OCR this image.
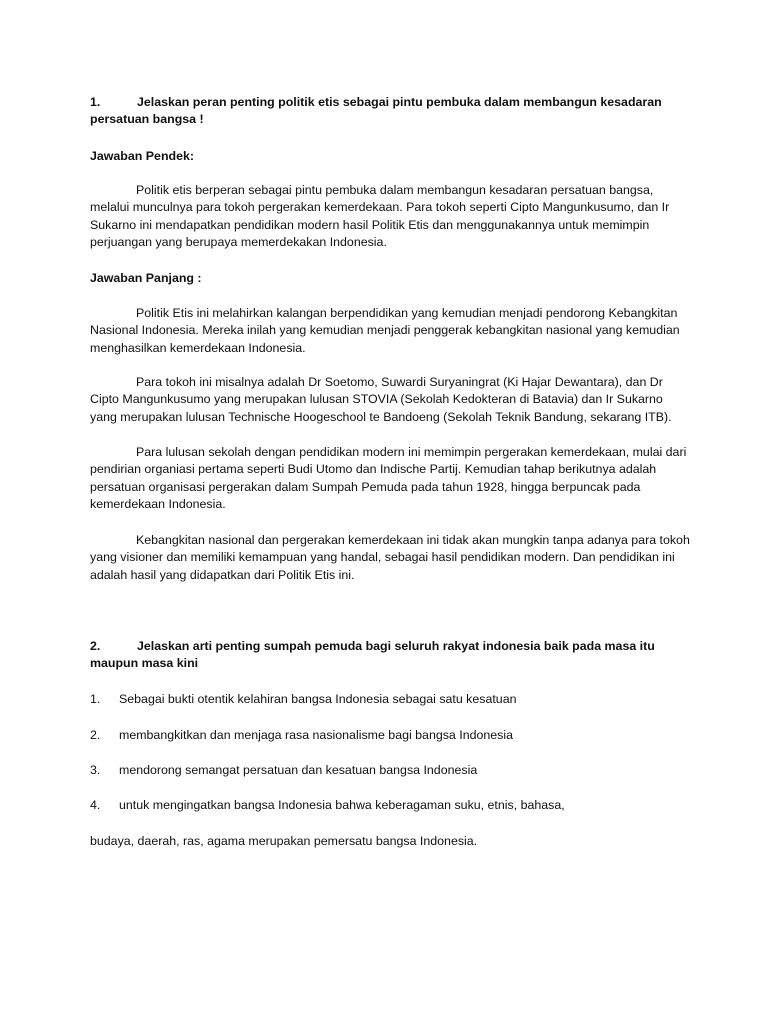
1.	Jelaskan peran penting politik etis sebagai pintu pembuka dalam membangun kesadaran persatuan bangsa !
Jawaban Pendek:
Politik etis berperan sebagai pintu pembuka dalam membangun kesadaran persatuan bangsa, melalui munculnya para tokoh pergerakan kemerdekaan. Para tokoh seperti Cipto Mangunkusumo, dan Ir Sukarno ini mendapatkan pendidikan modern hasil Politik Etis dan menggunakannya untuk memimpin perjuangan yang berupaya memerdekakan Indonesia.
Jawaban Panjang :
Politik Etis ini melahirkan kalangan berpendidikan yang kemudian menjadi pendorong Kebangkitan Nasional Indonesia. Mereka inilah yang kemudian menjadi penggerak kebangkitan nasional yang kemudian menghasilkan kemerdekaan Indonesia.
Para tokoh ini misalnya adalah Dr Soetomo, Suwardi Suryaningrat (Ki Hajar Dewantara), dan Dr Cipto Mangunkusumo yang merupakan lulusan STOVIA (Sekolah Kedokteran di Batavia) dan Ir Sukarno yang merupakan lulusan Technische Hoogeschool te Bandoeng (Sekolah Teknik Bandung, sekarang ITB).
Para lulusan sekolah dengan pendidikan modern ini memimpin pergerakan kemerdekaan, mulai dari pendirian organiasi pertama seperti Budi Utomo dan Indische Partij. Kemudian tahap berikutnya adalah persatuan organisasi pergerakan dalam Sumpah Pemuda pada tahun 1928, hingga berpuncak pada kemerdekaan Indonesia.
Kebangkitan nasional dan pergerakan kemerdekaan ini tidak akan mungkin tanpa adanya para tokoh yang visioner dan memiliki kemampuan yang handal, sebagai hasil pendidikan modern. Dan pendidikan ini adalah hasil yang didapatkan dari Politik Etis ini.
2.	Jelaskan arti penting sumpah pemuda bagi seluruh rakyat indonesia baik pada masa itu maupun masa kini
1. Sebagai bukti otentik kelahiran bangsa Indonesia sebagai satu kesatuan
2. membangkitkan dan menjaga rasa nasionalisme bagi bangsa Indonesia
3. mendorong semangat persatuan dan kesatuan bangsa Indonesia
4. untuk mengingatkan bangsa Indonesia bahwa keberagaman suku, etnis, bahasa,
budaya, daerah, ras, agama merupakan pemersatu bangsa Indonesia.
